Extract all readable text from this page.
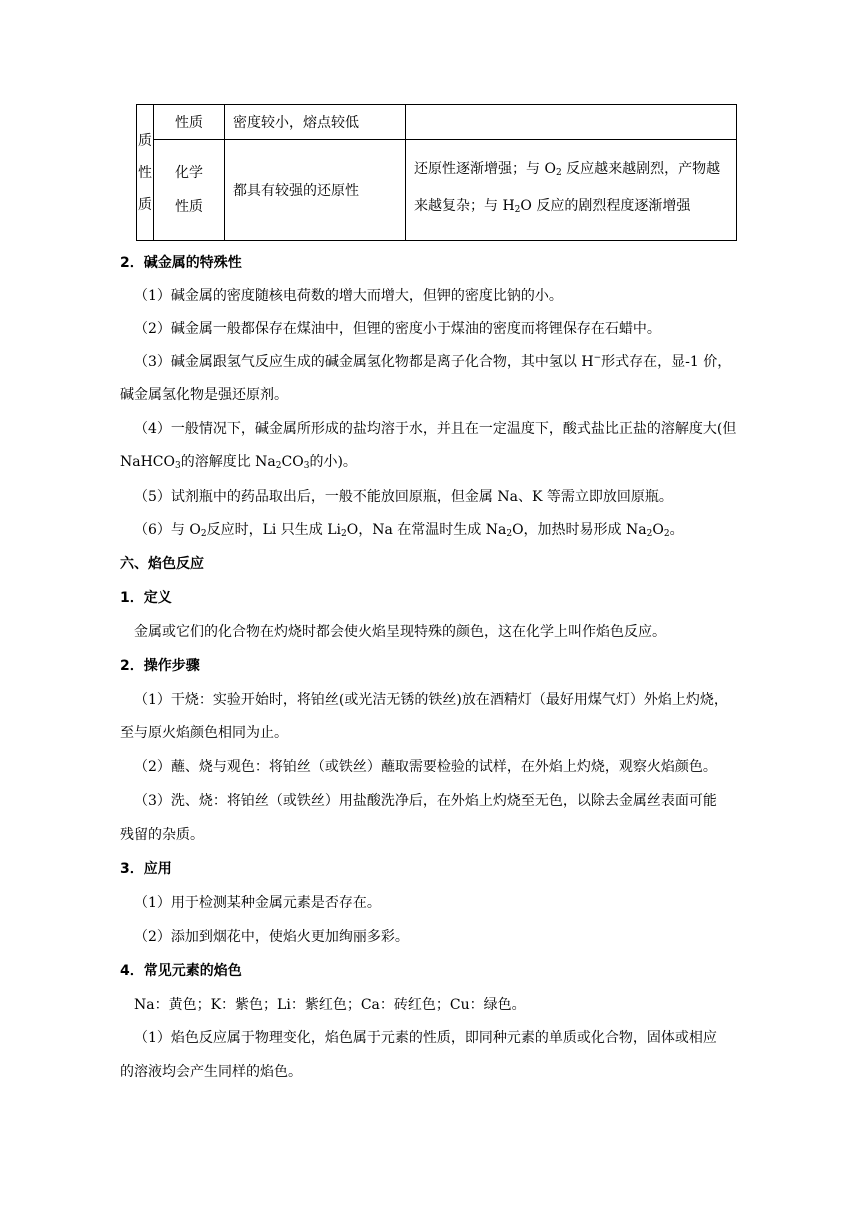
质性质	性质	密度较小，熔点较低	

	化学性质	都具有较强的还原性	还原性逐渐增强；与 $O_2$ 反应越来越剧烈，产物越来越复杂；与 $H_2O$ 反应的剧烈程度逐渐增强
2．碱金属的特殊性
（1）碱金属的密度随核电荷数的增大而增大，但钾的密度比钠的小。
（2）碱金属一般都保存在煤油中，但锂的密度小于煤油的密度而将锂保存在石蜡中。
（3）碱金属跟氢气反应生成的碱金属氢化物都是离子化合物，其中氢以 H−形式存在，显-1 价，
碱金属氢化物是强还原剂。
（4）一般情况下，碱金属所形成的盐均溶于水，并且在一定温度下，酸式盐比正盐的溶解度大(但
NaHCO$_3$的溶解度比 $Na_2CO_3$的小)。
（5）试剂瓶中的药品取出后，一般不能放回原瓶，但金属 Na、K 等需立即放回原瓶。
（6）与 $O_2$反应时，Li 只生成 $Li_2O$，Na 在常温时生成 $Na_2O$，加热时易形成 $Na_2O_2$。
六、焰色反应
1．定义
金属或它们的化合物在灼烧时都会使火焰呈现特殊的颜色，这在化学上叫作焰色反应。
2．操作步骤
（1）干烧：实验开始时，将铂丝(或光洁无锈的铁丝)放在酒精灯（最好用煤气灯）外焰上灼烧，
至与原火焰颜色相同为止。
（2）蘸、烧与观色：将铂丝（或铁丝）蘸取需要检验的试样，在外焰上灼烧，观察火焰颜色。
（3）洗、烧：将铂丝（或铁丝）用盐酸洗净后，在外焰上灼烧至无色，以除去金属丝表面可能
残留的杂质。
3．应用
（1）用于检测某种金属元素是否存在。
（2）添加到烟花中，使焰火更加绚丽多彩。
4．常见元素的焰色
Na：黄色；K：紫色；Li：紫红色；Ca：砖红色；Cu：绿色。
（1）焰色反应属于物理变化，焰色属于元素的性质，即同种元素的单质或化合物，固体或相应
的溶液均会产生同样的焰色。
